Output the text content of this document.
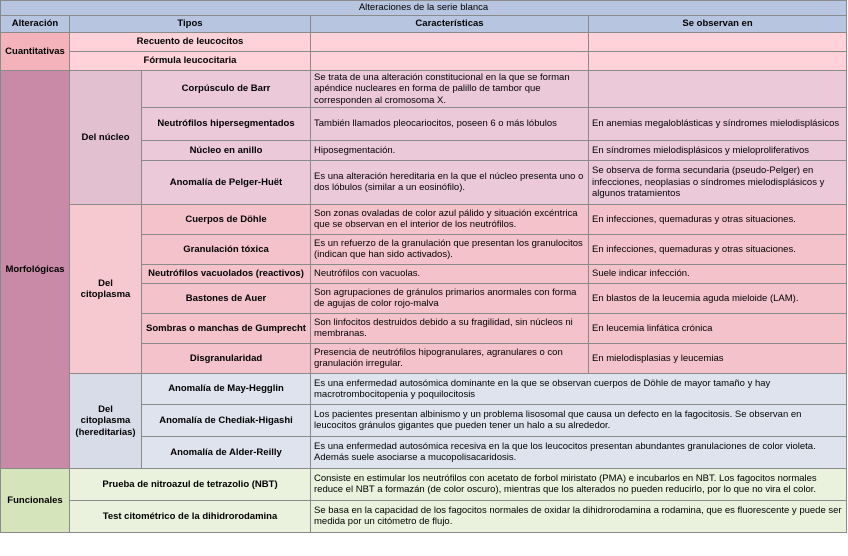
Alteraciones de la serie blanca				
Alteración	Tipos		Características	Se observan en
Cuantitativas	Recuento de leucocitos			
	Fórmula leucocitaria			
Morfológicas	Del núcleo	Corpúsculo de Barr	Se trata de una alteración constitucional en la que se forman apéndice nucleares en forma de palillo de tambor que corresponden al cromosoma X.	
		Neutrófilos hipersegmentados	También llamados pleocariocitos, poseen 6 o más lóbulos	En anemias megaloblásticas y síndromes mielodisplásicos
		Núcleo en anillo	Hiposegmentación.	En síndromes mielodisplásicos y mieloproliferativos
		Anomalía de Pelger-Huët	Es una alteración hereditaria en la que el núcleo presenta uno o dos lóbulos (similar a un eosinófilo).	Se observa de forma secundaria (pseudo-Pelger) en infecciones, neoplasias o síndromes mielodisplásicos y algunos tratamientos
	Del citoplasma	Cuerpos de Döhle	Son zonas ovaladas de color azul pálido y situación excéntrica que se observan en el interior de los neutrófilos.	En infecciones, quemaduras y otras situaciones.
		Granulación tóxica	Es un refuerzo de la granulación que presentan los granulocitos (indican que han sido activados).	En infecciones, quemaduras y otras situaciones.
		Neutrófilos vacuolados (reactivos)	Neutrófilos con vacuolas.	Suele indicar infección.
		Bastones de Auer	Son agrupaciones de gránulos primarios anormales con forma de agujas de color rojo-malva	En blastos de la leucemia aguda mieloide (LAM).
		Sombras o manchas de Gumprecht	Son linfocitos destruidos debido a su fragilidad, sin núcleos ni membranas.	En leucemia linfática crónica
		Disgranularidad	Presencia de neutrófilos hipogranulares, agranulares o con granulación irregular.	En mielodisplasias y leucemias
	Del citoplasma (hereditarias)	Anomalía de May-Hegglin	Es una enfermedad autosómica dominante en la que se observan cuerpos de Döhle de mayor tamaño y hay macrotrombocitopenia y poquilocitosis	
		Anomalía de Chediak-Higashi	Los pacientes presentan albinismo y un problema lisosomal que causa un defecto en la fagocitosis. Se observan en leucocitos gránulos gigantes que pueden tener un halo a su alrededor.	
		Anomalía de Alder-Reilly	Es una enfermedad autosómica recesiva en la que los leucocitos presentan abundantes granulaciones de color violeta. Además suele asociarse a mucopolisacaridosis.	
Funcionales	Prueba de nitroazul de tetrazolio (NBT)		Consiste en estimular los neutrófilos con acetato de forbol miristato (PMA) e incubarlos en NBT. Los fagocitos normales reduce el NBT a formazán (de color oscuro), mientras que los alterados no pueden reducirlo, por lo que no vira el color.	
	Test citométrico de la dihidrorodamina		Se basa en la capacidad de los fagocitos normales de oxidar la dihidrorodamina a rodamina, que es fluorescente y puede ser medida por un citómetro de flujo.	
